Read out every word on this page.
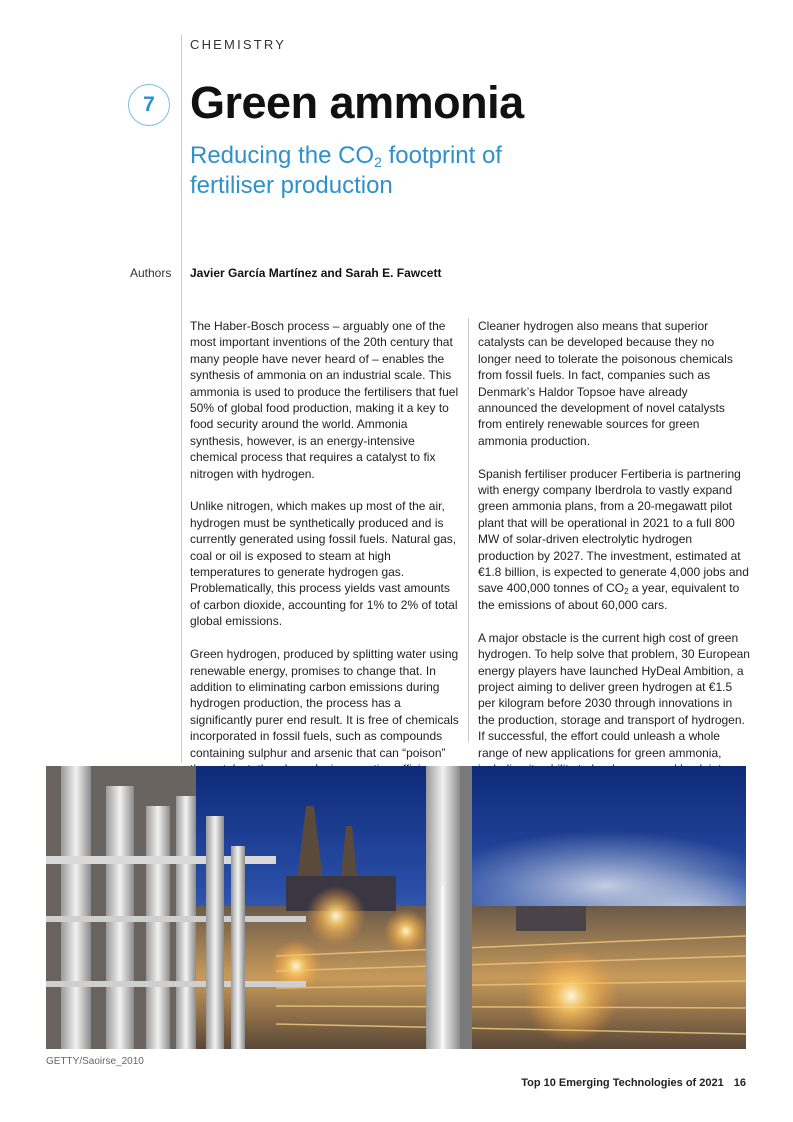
CHEMISTRY
7 Green ammonia
Reducing the $CO_2$ footprint of
fertiliser production
Authors Javier García Martínez and Sarah E. Fawcett

The Haber-Bosch process – arguably one of the most important inventions of the 20th century that many people have never heard of – enables the synthesis of ammonia on an industrial scale. This ammonia is used to produce the fertilisers that fuel 50% of global food production, making it a key to food security around the world. Ammonia synthesis, however, is an energy-intensive chemical process that requires a catalyst to fix nitrogen with hydrogen.

Unlike nitrogen, which makes up most of the air, hydrogen must be synthetically produced and is currently generated using fossil fuels. Natural gas, coal or oil is exposed to steam at high temperatures to generate hydrogen gas. Problematically, this process yields vast amounts of carbon dioxide, accounting for 1% to 2% of total global emissions.

Green hydrogen, produced by splitting water using renewable energy, promises to change that. In addition to eliminating carbon emissions during hydrogen production, the process has a significantly purer end result. It is free of chemicals incorporated in fossil fuels, such as compounds containing sulphur and arsenic that can “poison”

Cleaner hydrogen also means that superior catalysts can be developed because they no longer need to tolerate the poisonous chemicals from fossil fuels. In fact, companies such as Denmark’s Haldor Topsoe have already announced the development of novel catalysts from entirely renewable sources for green ammonia production.

Spanish fertiliser producer Fertiberia is partnering with energy company Iberdrola to vastly expand green ammonia plans, from a 20-megawatt pilot plant that will be operational in 2021 to a full 800 MW of solar-driven electrolytic hydrogen production by 2027. The investment, estimated at €1.8 billion, is expected to generate 4,000 jobs and save 400,000 tonnes of $CO_2$ a year, equivalent to the emissions of about 60,000 cars.

A major obstacle is the current high cost of green hydrogen. To help solve that problem, 30 European energy players have launched HyDeal Ambition, a project aiming to deliver green hydrogen at €1.5 per kilogram before 2030 through innovations in the production, storage and transport of hydrogen. If successful, the effort could unleash a whole range of new applications for green ammonia,

GETTY/Saoirse_2010
Top 10 Emerging Technologies of 2021 16
